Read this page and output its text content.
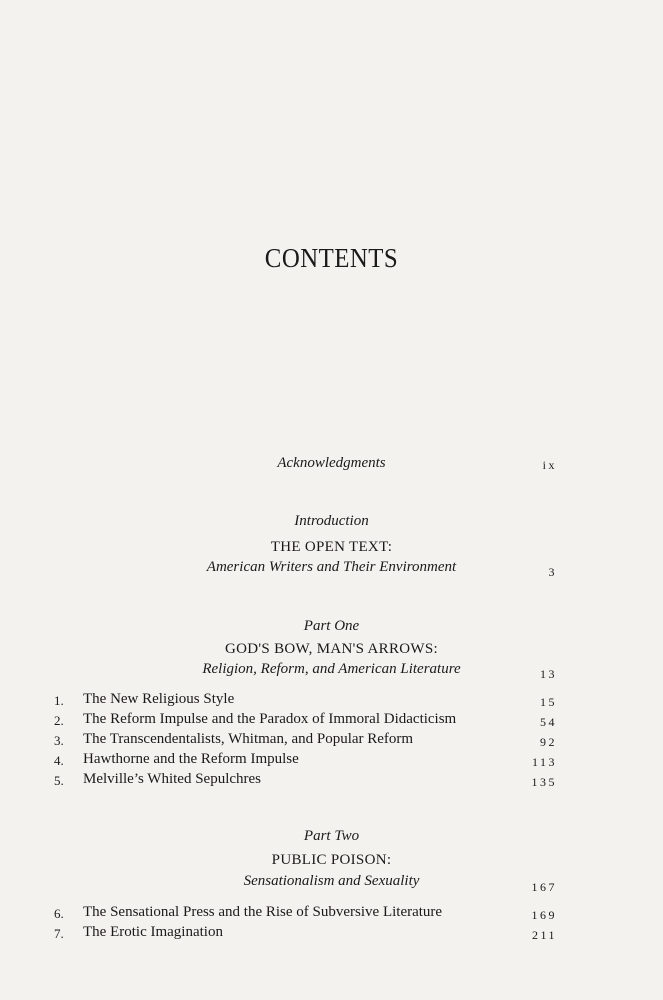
CONTENTS
Acknowledgments	ix
Introduction
THE OPEN TEXT:
American Writers and Their Environment	3
Part One
GOD'S BOW, MAN'S ARROWS:
Religion, Reform, and American Literature	13
1. The New Religious Style	15
2. The Reform Impulse and the Paradox of Immoral Didacticism	54
3. The Transcendentalists, Whitman, and Popular Reform	92
4. Hawthorne and the Reform Impulse	113
5. Melville’s Whited Sepulchres	135
Part Two
PUBLIC POISON:
Sensationalism and Sexuality	167
6. The Sensational Press and the Rise of Subversive Literature	169
7. The Erotic Imagination	211
